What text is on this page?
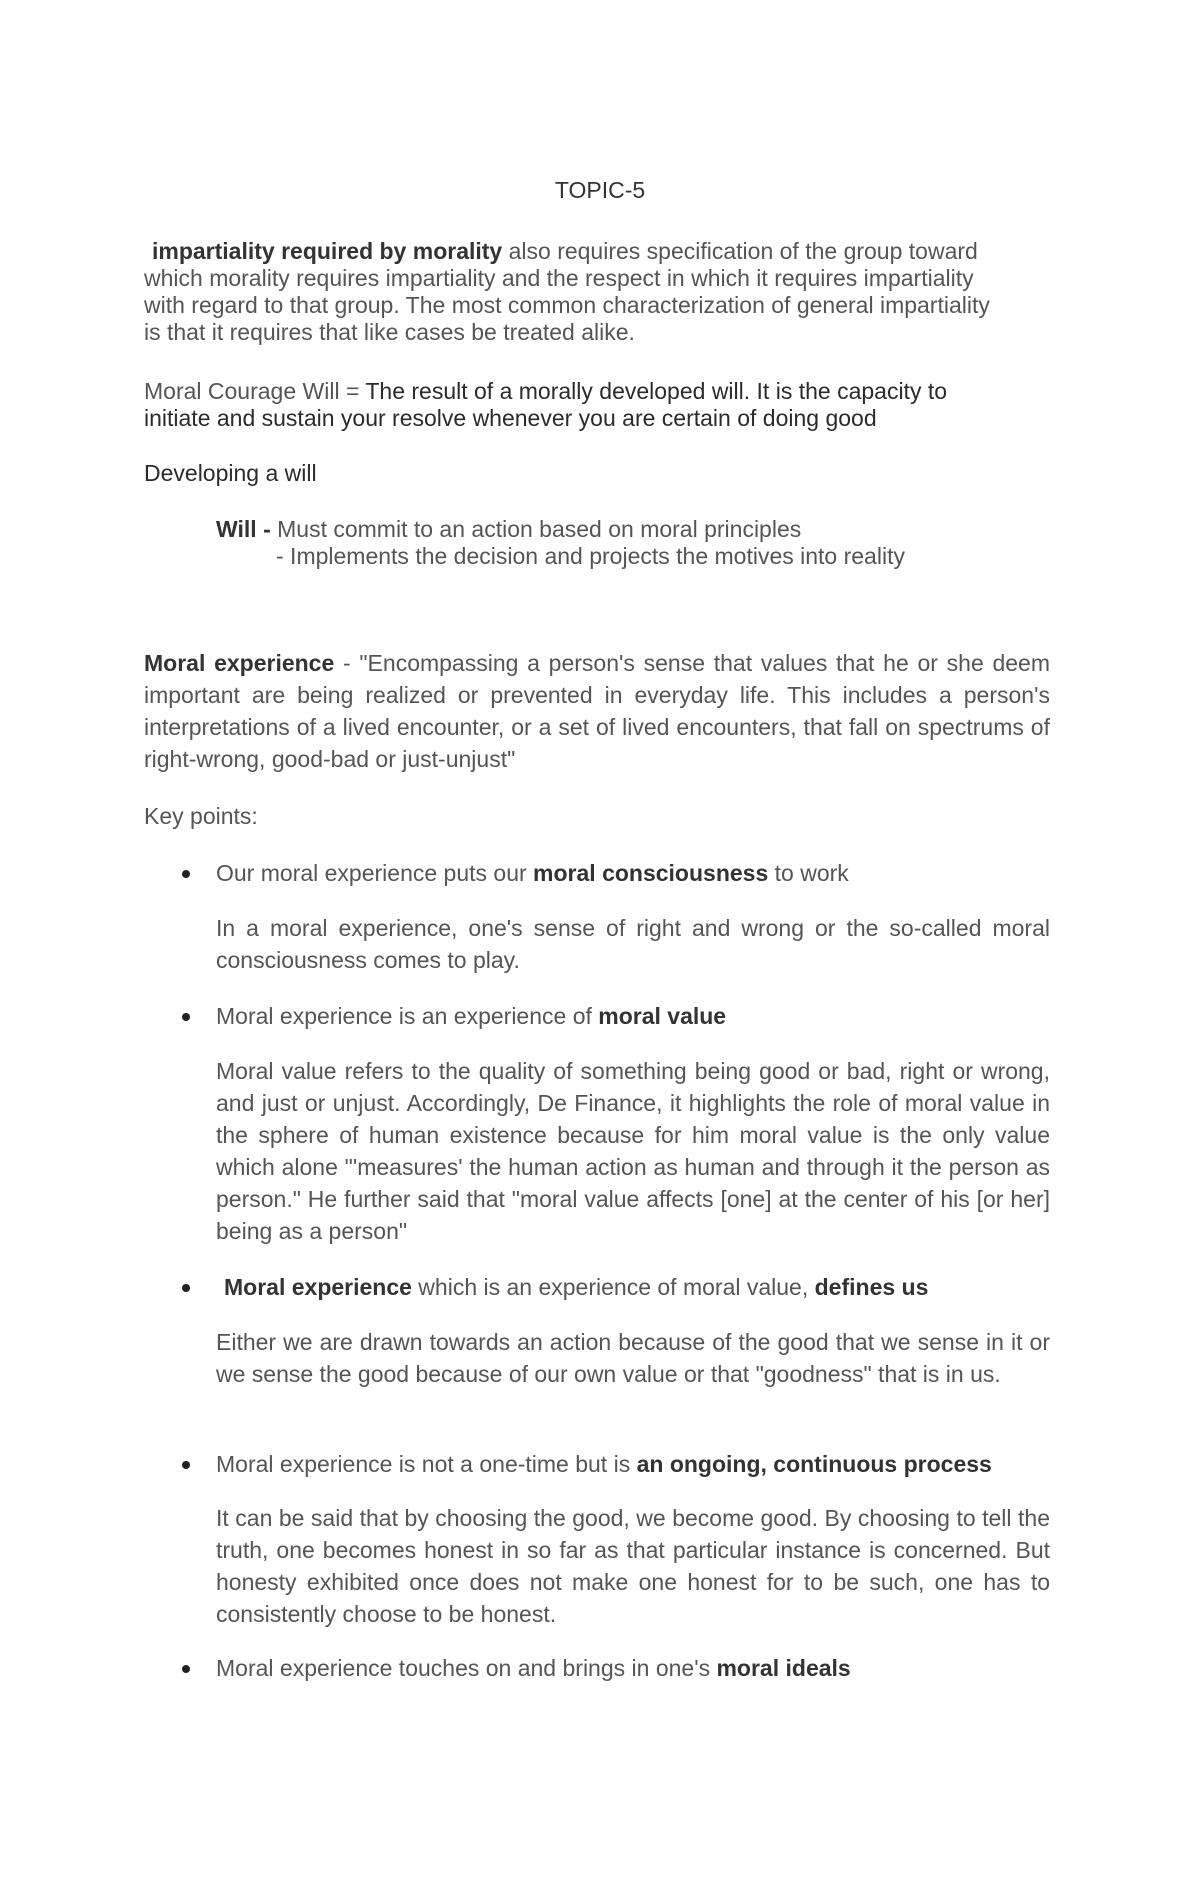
TOPIC-5
impartiality required by morality also requires specification of the group toward
which morality requires impartiality and the respect in which it requires impartiality
with regard to that group. The most common characterization of general impartiality
is that it requires that like cases be treated alike.
Moral Courage Will = The result of a morally developed will. It is the capacity to
initiate and sustain your resolve whenever you are certain of doing good
Developing a will
Will - Must commit to an action based on moral principles
- Implements the decision and projects the motives into reality
Moral experience - "Encompassing a person's sense that values that he or she deem important are being realized or prevented in everyday life. This includes a person's interpretations of a lived encounter, or a set of lived encounters, that fall on spectrums of right-wrong, good-bad or just-unjust"
Key points:
Our moral experience puts our moral consciousness to work
In a moral experience, one's sense of right and wrong or the so-called moral consciousness comes to play.
Moral experience is an experience of moral value
Moral value refers to the quality of something being good or bad, right or wrong, and just or unjust. Accordingly, De Finance, it highlights the role of moral value in the sphere of human existence because for him moral value is the only value which alone "'measures' the human action as human and through it the person as person." He further said that "moral value affects [one] at the center of his [or her] being as a person"
Moral experience which is an experience of moral value, defines us
Either we are drawn towards an action because of the good that we sense in it or we sense the good because of our own value or that "goodness" that is in us.
Moral experience is not a one-time but is an ongoing, continuous process
It can be said that by choosing the good, we become good. By choosing to tell the truth, one becomes honest in so far as that particular instance is concerned. But honesty exhibited once does not make one honest for to be such, one has to consistently choose to be honest.
Moral experience touches on and brings in one's moral ideals
